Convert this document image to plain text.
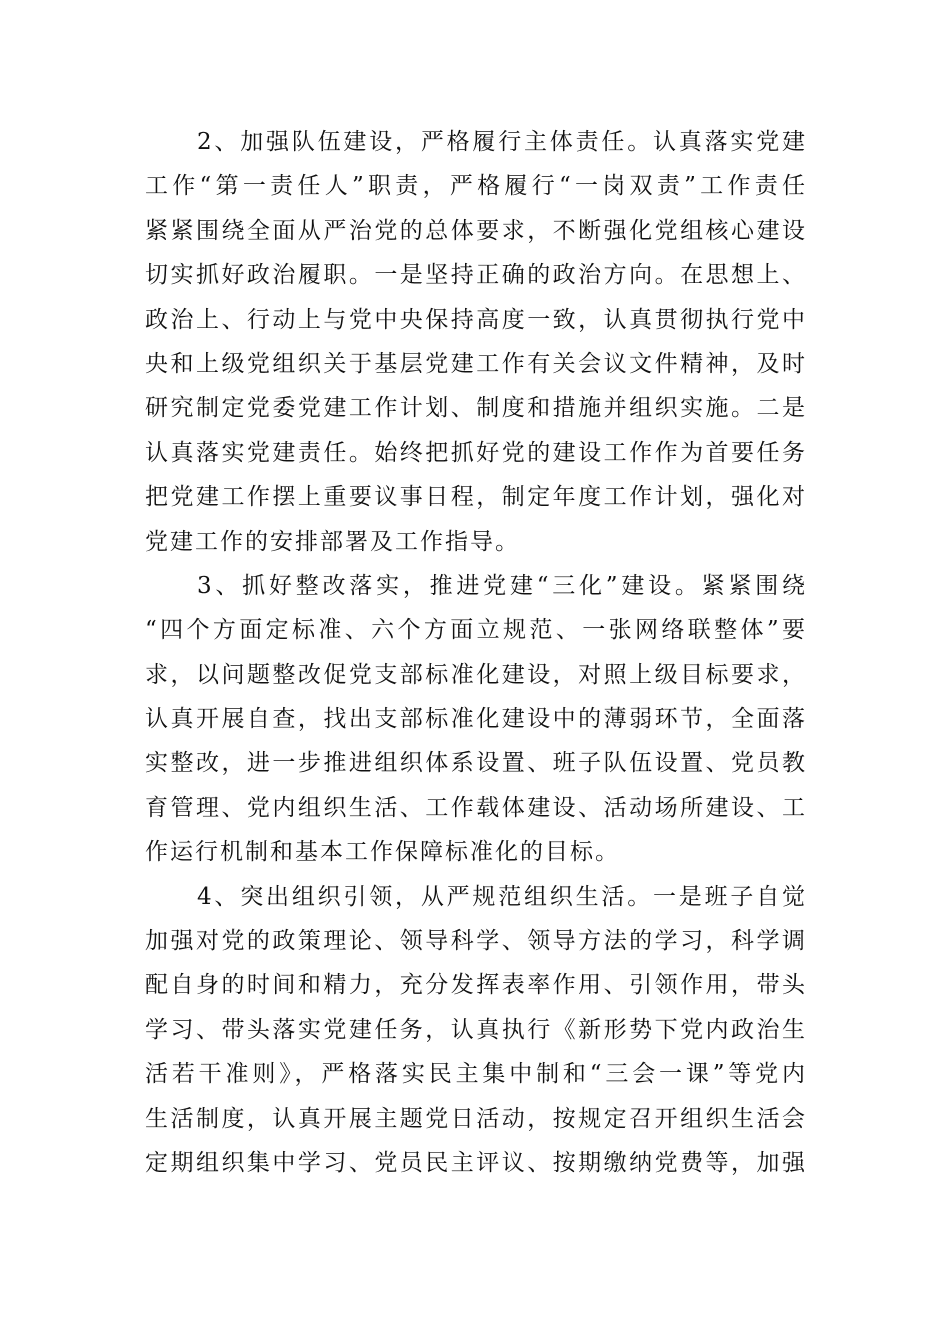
2、加强队伍建设，严格履行主体责任。认真落实党建
工作“第一责任人”职责，严格履行“一岗双责”工作责任
紧紧围绕全面从严治党的总体要求，不断强化党组核心建设
切实抓好政治履职。一是坚持正确的政治方向。在思想上、
政治上、行动上与党中央保持高度一致，认真贯彻执行党中
央和上级党组织关于基层党建工作有关会议文件精神，及时
研究制定党委党建工作计划、制度和措施并组织实施。二是
认真落实党建责任。始终把抓好党的建设工作作为首要任务
把党建工作摆上重要议事日程，制定年度工作计划，强化对
党建工作的安排部署及工作指导。
3、抓好整改落实，推进党建“三化”建设。紧紧围绕
“四个方面定标准、六个方面立规范、一张网络联整体”要
求，以问题整改促党支部标准化建设，对照上级目标要求，
认真开展自查，找出支部标准化建设中的薄弱环节，全面落
实整改，进一步推进组织体系设置、班子队伍设置、党员教
育管理、党内组织生活、工作载体建设、活动场所建设、工
作运行机制和基本工作保障标准化的目标。
4、突出组织引领，从严规范组织生活。一是班子自觉
加强对党的政策理论、领导科学、领导方法的学习，科学调
配自身的时间和精力，充分发挥表率作用、引领作用，带头
学习、带头落实党建任务，认真执行《新形势下党内政治生
活若干准则》，严格落实民主集中制和“三会一课”等党内
生活制度，认真开展主题党日活动，按规定召开组织生活会
定期组织集中学习、党员民主评议、按期缴纳党费等，加强
